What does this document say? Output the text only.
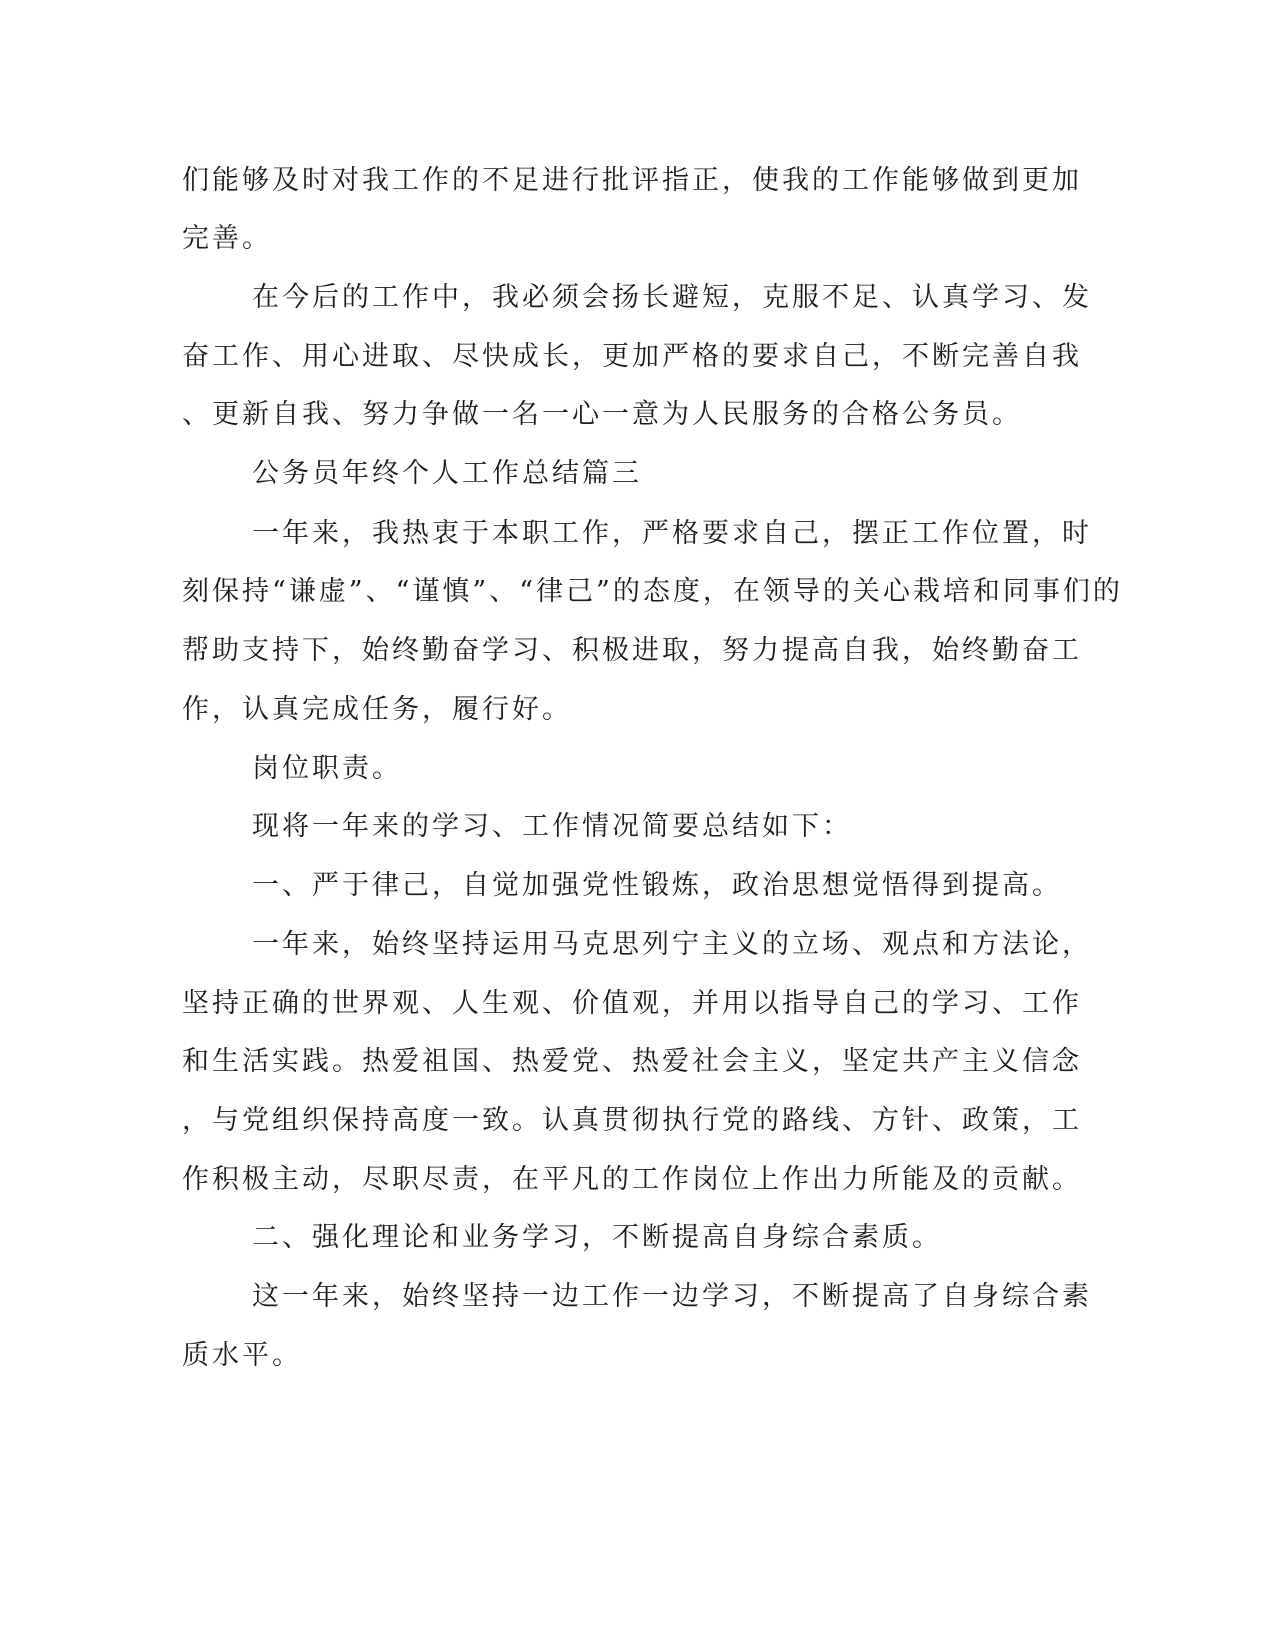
们能够及时对我工作的不足进行批评指正，使我的工作能够做到更加
完善。
在今后的工作中，我必须会扬长避短，克服不足、认真学习、发
奋工作、用心进取、尽快成长，更加严格的要求自己，不断完善自我
、更新自我、努力争做一名一心一意为人民服务的合格公务员。
公务员年终个人工作总结篇三
一年来，我热衷于本职工作，严格要求自己，摆正工作位置，时
刻保持“谦虚”、“谨慎”、“律己”的态度，在领导的关心栽培和同事们的
帮助支持下，始终勤奋学习、积极进取，努力提高自我，始终勤奋工
作，认真完成任务，履行好。
岗位职责。
现将一年来的学习、工作情况简要总结如下：
一、严于律己，自觉加强党性锻炼，政治思想觉悟得到提高。
一年来，始终坚持运用马克思列宁主义的立场、观点和方法论，
坚持正确的世界观、人生观、价值观，并用以指导自己的学习、工作
和生活实践。热爱祖国、热爱党、热爱社会主义，坚定共产主义信念
，与党组织保持高度一致。认真贯彻执行党的路线、方针、政策，工
作积极主动，尽职尽责，在平凡的工作岗位上作出力所能及的贡献。
二、强化理论和业务学习，不断提高自身综合素质。
这一年来，始终坚持一边工作一边学习，不断提高了自身综合素
质水平。
